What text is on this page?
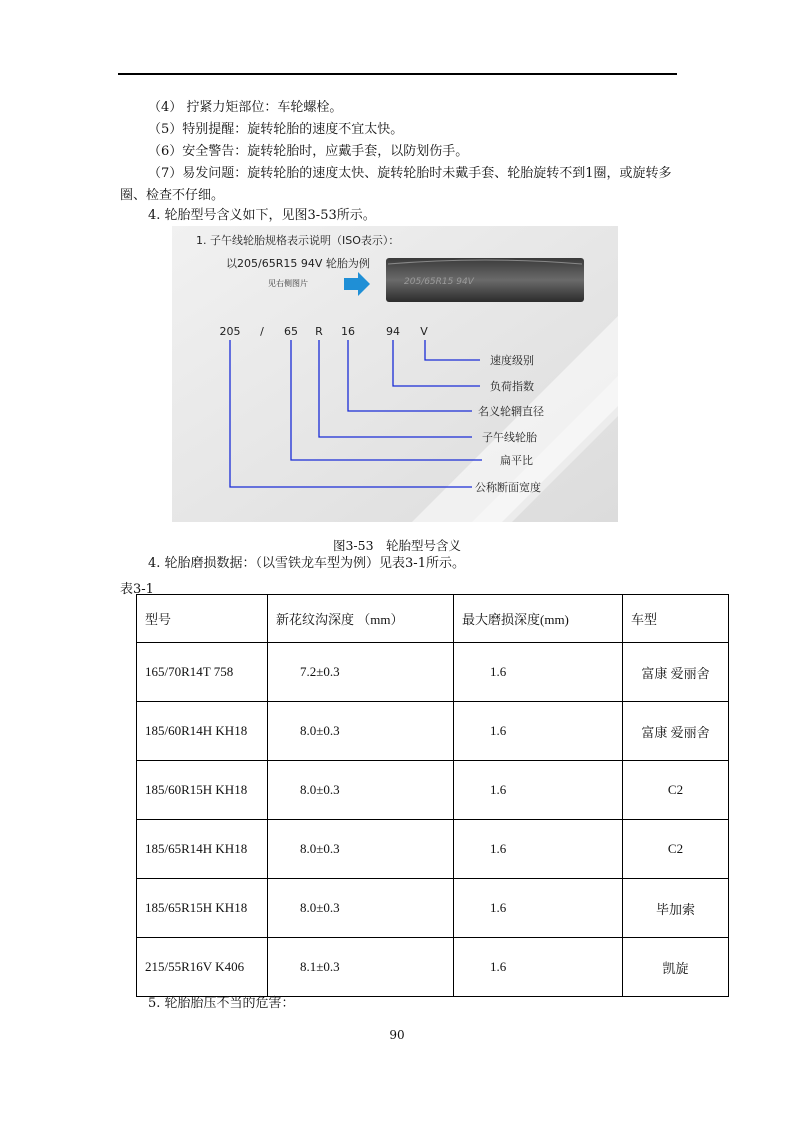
（4） 拧紧力矩部位：车轮螺栓。
（5）特别提醒：旋转轮胎的速度不宜太快。
（6）安全警告：旋转轮胎时，应戴手套，以防划伤手。
（7）易发问题：旋转轮胎的速度太快、旋转轮胎时未戴手套、轮胎旋转不到1圈，或旋转多圈、检查不仔细。
4. 轮胎型号含义如下，见图3-53所示。
1. 子午线轮胎规格表示说明（ISO表示）：
以205/65R15 94V 轮胎为例
见右侧图片	205/65R15 94V
205 / 65 R 16	94 V
速度级别
负荷指数
名义轮辋直径
子午线轮胎
扁平比
公称断面宽度
图3-53　轮胎型号含义
4. 轮胎磨损数据：（以雪铁龙车型为例）见表3-1所示。
表3-1
型号	新花纹沟深度 （mm）	最大磨损深度(mm)	车型
165/70R14T 758	7.2±0.3	1.6	富康 爱丽舍
185/60R14H KH18	8.0±0.3	1.6	富康 爱丽舍
185/60R15H KH18	8.0±0.3	1.6	C2
185/65R14H KH18	8.0±0.3	1.6	C2
185/65R15H KH18	8.0±0.3	1.6	毕加索
215/55R16V K406	8.1±0.3	1.6	凯旋
5. 轮胎胎压不当的危害：
90
